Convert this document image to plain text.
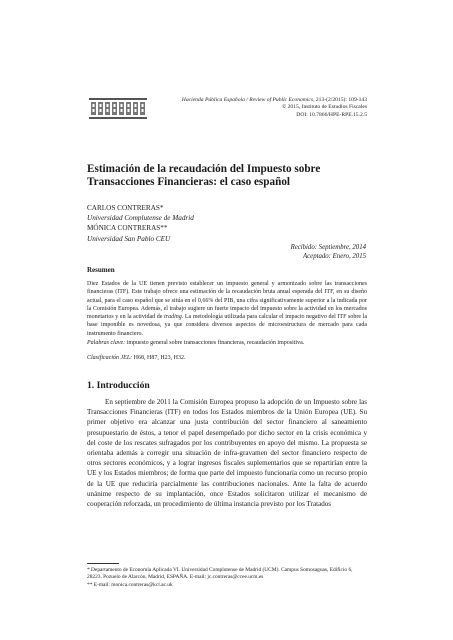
Hacienda Pública Española / Review of Public Economics, 213-(2/2015): 109-143
© 2015, Instituto de Estudios Fiscales
DOI: 10.7866/HPE-RPE.15.2.5
Estimación de la recaudación del Impuesto sobre Transacciones Financieras: el caso español
CARLOS CONTRERAS*
Universidad Complutense de Madrid
MÓNICA CONTRERAS**
Universidad San Pablo CEU
Recibido: Septiembre, 2014
Aceptado: Enero, 2015
Resumen
Diez Estados de la UE tienen previsto establecer un impuesto general y armonizado sobre las transacciones financieras (ITF). Este trabajo ofrece una estimación de la recaudación bruta anual esperada del ITF, en su diseño actual, para el caso español que se sitúa en el 0,66% del PIB, una cifra significativamente superior a la indicada por la Comisión Europea. Además, el trabajo sugiere un fuerte impacto del impuesto sobre la actividad en los mercados monetarios y en la actividad de trading. La metodología utilizada para calcular el impacto negativo del ITF sobre la base imponible es novedosa, ya que considera diversos aspectos de microestructura de mercado para cada instrumento financiero.
Palabras clave: impuesto general sobre transacciones financieras, recaudación impositiva.
Clasificación JEL: H68, H87, H23, H32.
1. Introducción
En septiembre de 2011 la Comisión Europea propuso la adopción de un Impuesto sobre las Transacciones Financieras (ITF) en todos los Estados miembros de la Unión Europea (UE). Su primer objetivo era alcanzar una justa contribución del sector financiero al saneamiento presupuestario de éstos, a tenor el papel desempeñado por dicho sector en la crisis económica y del coste de los rescates sufragados por los contribuyentes en apoyo del mismo. La propuesta se orientaba además a corregir una situación de infra-gravamen del sector financiero respecto de otros sectores económicos, y a lograr ingresos fiscales suplementarios que se repartirían entre la UE y los Estados miembros; de forma que parte del impuesto funcionaría como un recurso propio de la UE que reduciría parcialmente las contribuciones nacionales. Ante la falta de acuerdo unánime respecto de su implantación, once Estados solicitaron utilizar el mecanismo de cooperación reforzada, un procedimiento de última instancia previsto por los Tratados
* Departamento de Economía Aplicada VI. Universidad Complutense de Madrid (UCM). Campus Somosaguas, Edificio 6, 28223. Pozuelo de Alarcón, Madrid, ESPAÑA. E-mail: jc.contreras@ccee.ucm.es
** E-mail: monica.contreras@kcl.ac.uk
